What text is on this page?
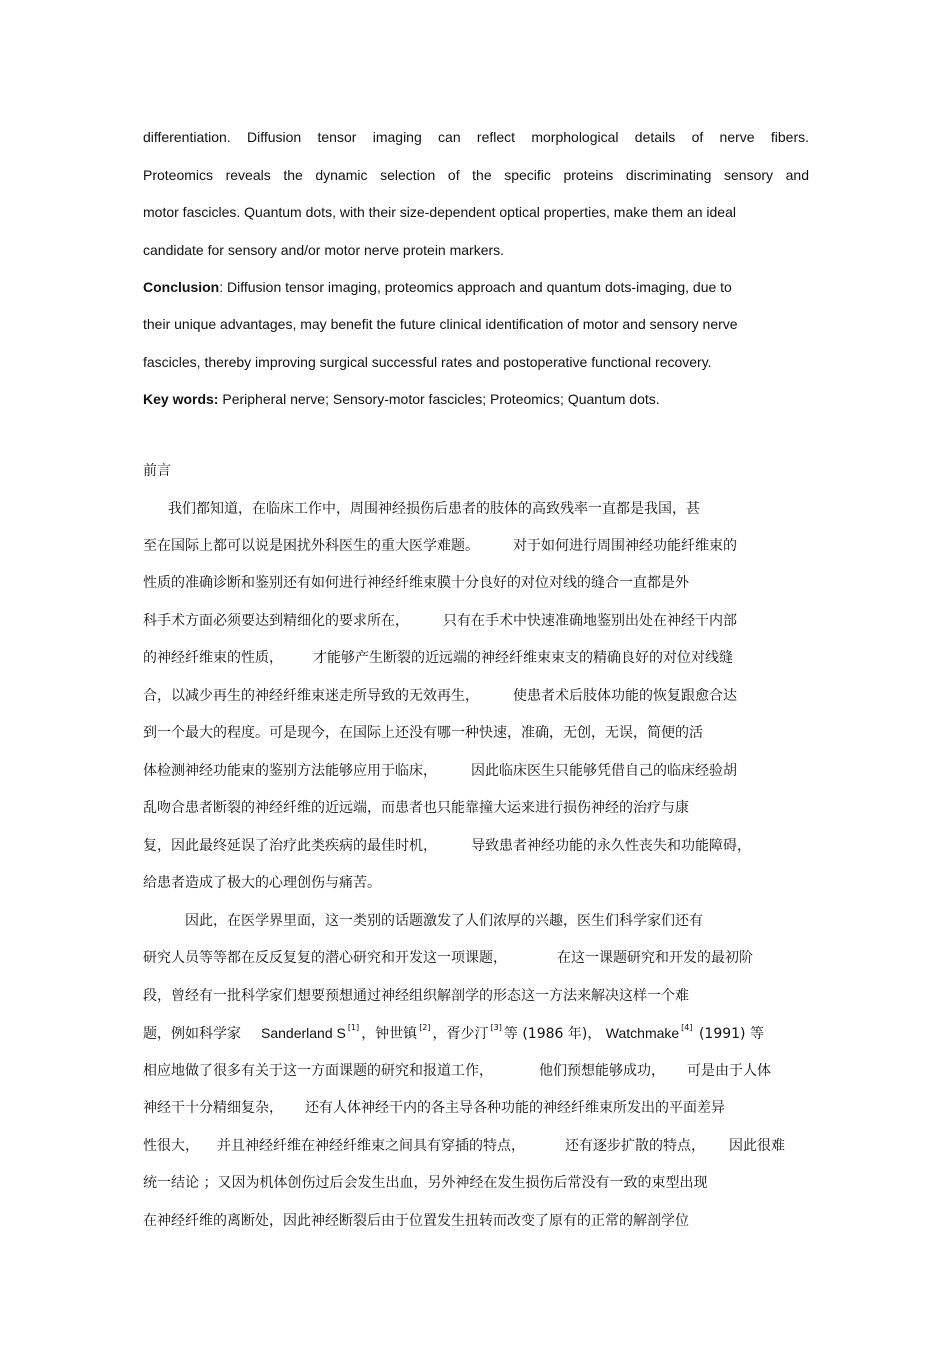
differentiation. Diffusion tensor imaging can reflect morphological details of nerve fibers.
Proteomics reveals the dynamic selection of the specific proteins discriminating sensory and
motor fascicles. Quantum dots, with their size-dependent optical properties, make them an ideal
candidate for sensory and/or motor nerve protein markers.
Conclusion: Diffusion tensor imaging, proteomics approach and quantum dots-imaging, due to
their unique advantages, may benefit the future clinical identification of motor and sensory nerve
fascicles, thereby improving surgical successful rates and postoperative functional recovery.
Key words: Peripheral nerve; Sensory-motor fascicles; Proteomics; Quantum dots.
前言
我们都知道，在临床工作中，周围神经损伤后患者的肢体的高致残率一直都是我国，甚
至在国际上都可以说是困扰外科医生的重大医学难题。 对于如何进行周围神经功能纤维束的
性质的准确诊断和鉴别还有如何进行神经纤维束膜十分良好的对位对线的缝合一直都是外
科手术方面必须要达到精细化的要求所在， 只有在手术中快速准确地鉴别出处在神经干内部
的神经纤维束的性质， 才能够产生断裂的近远端的神经纤维束束支的精确良好的对位对线缝
合，以减少再生的神经纤维束迷走所导致的无效再生， 使患者术后肢体功能的恢复跟愈合达
到一个最大的程度。可是现今，在国际上还没有哪一种快速，准确，无创，无误，简便的活
体检测神经功能束的鉴别方法能够应用于临床， 因此临床医生只能够凭借自己的临床经验胡
乱吻合患者断裂的神经纤维的近远端，而患者也只能靠撞大运来进行损伤神经的治疗与康
复，因此最终延误了治疗此类疾病的最佳时机， 导致患者神经功能的永久性丧失和功能障碍，
给患者造成了极大的心理创伤与痛苦。
因此，在医学界里面，这一类别的话题激发了人们浓厚的兴趣，医生们科学家们还有
研究人员等等都在反反复复的潜心研究和开发这一项课题，	在这一课题研究和开发的最初阶
段，曾经有一批科学家们想要预想通过神经组织解剖学的形态这一方法来解决这样一个难
题，例如科学家 Sanderland S [1] ，钟世镇 [2] ，胥少汀 [3] 等 (1986 年)， Watchmake [4] (1991) 等
相应地做了很多有关于这一方面课题的研究和报道工作，	他们预想能够成功， 可是由于人体
神经干十分精细复杂， 还有人体神经干内的各主导各种功能的神经纤维束所发出的平面差异
性很大， 并且神经纤维在神经纤维束之间具有穿插的特点，	还有逐步扩散的特点， 因此很难
统一结论 ；又因为机体创伤过后会发生出血，另外神经在发生损伤后常没有一致的束型出现
在神经纤维的离断处，因此神经断裂后由于位置发生扭转而改变了原有的正常的解剖学位
